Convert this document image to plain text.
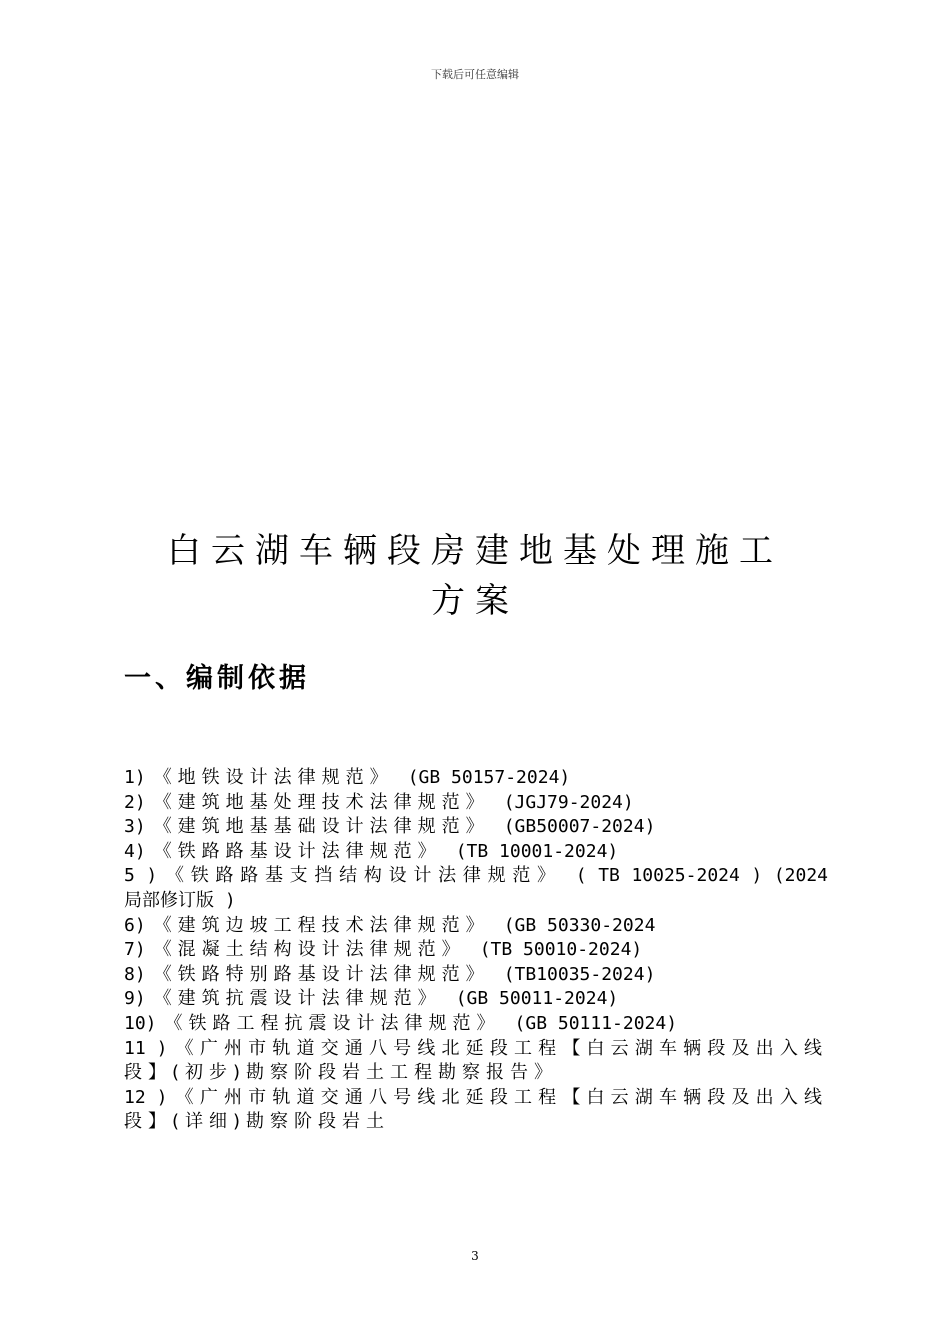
下载后可任意编辑
白云湖车辆段房建地基处理施工
方案
一、编制依据
1) 《地铁设计法律规范》 (GB 50157-2024)
2) 《建筑地基处理技术法律规范》 (JGJ79-2024)
3) 《建筑地基基础设计法律规范》 (GB50007-2024)
4) 《铁路路基设计法律规范》 (TB 10001-2024)
5 ) 《铁路路基支挡结构设计法律规范》 ( TB 10025-2024 ) (2024 局部修订版 )
6) 《建筑边坡工程技术法律规范》 (GB 50330-2024
7) 《混凝土结构设计法律规范》 (TB 50010-2024)
8) 《铁路特别路基设计法律规范》 (TB10035-2024)
9) 《建筑抗震设计法律规范》 (GB 50011-2024)
10) 《铁路工程抗震设计法律规范》 (GB 50111-2024)
11 ) 《广州市轨道交通八号线北延段工程【白云湖车辆段及出入线段】(初步)勘察阶段岩土工程勘察报告》
12 ) 《广州市轨道交通八号线北延段工程【白云湖车辆段及出入线段】(详细)勘察阶段岩土
3
